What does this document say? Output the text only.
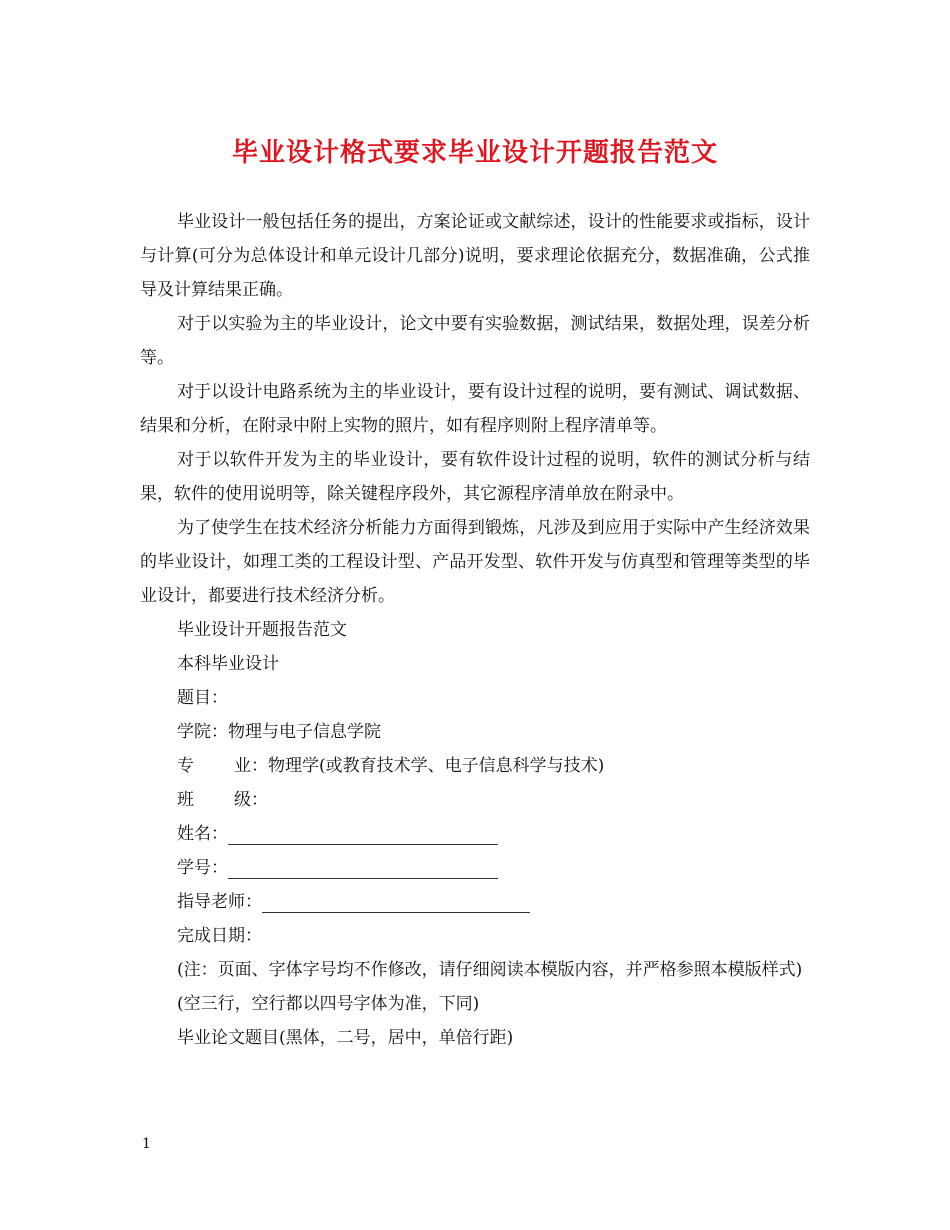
毕业设计格式要求毕业设计开题报告范文

毕业设计一般包括任务的提出，方案论证或文献综述，设计的性能要求或指标，设计与计算(可分为总体设计和单元设计几部分)说明，要求理论依据充分，数据准确，公式推导及计算结果正确。

对于以实验为主的毕业设计，论文中要有实验数据，测试结果，数据处理，误差分析等。

对于以设计电路系统为主的毕业设计，要有设计过程的说明，要有测试、调试数据、结果和分析，在附录中附上实物的照片，如有程序则附上程序清单等。

对于以软件开发为主的毕业设计，要有软件设计过程的说明，软件的测试分析与结果，软件的使用说明等，除关键程序段外，其它源程序清单放在附录中。

为了使学生在技术经济分析能力方面得到锻炼，凡涉及到应用于实际中产生经济效果的毕业设计，如理工类的工程设计型、产品开发型、软件开发与仿真型和管理等类型的毕业设计，都要进行技术经济分析。

毕业设计开题报告范文

本科毕业设计

题目：

学院：物理与电子信息学院

专 业：物理学(或教育技术学、电子信息科学与技术)

班 级：

姓名：

学号：

指导老师：

完成日期：

(注：页面、字体字号均不作修改，请仔细阅读本模版内容，并严格参照本模版样式)

(空三行，空行都以四号字体为准，下同)

毕业论文题目(黑体，二号，居中，单倍行距)

1
